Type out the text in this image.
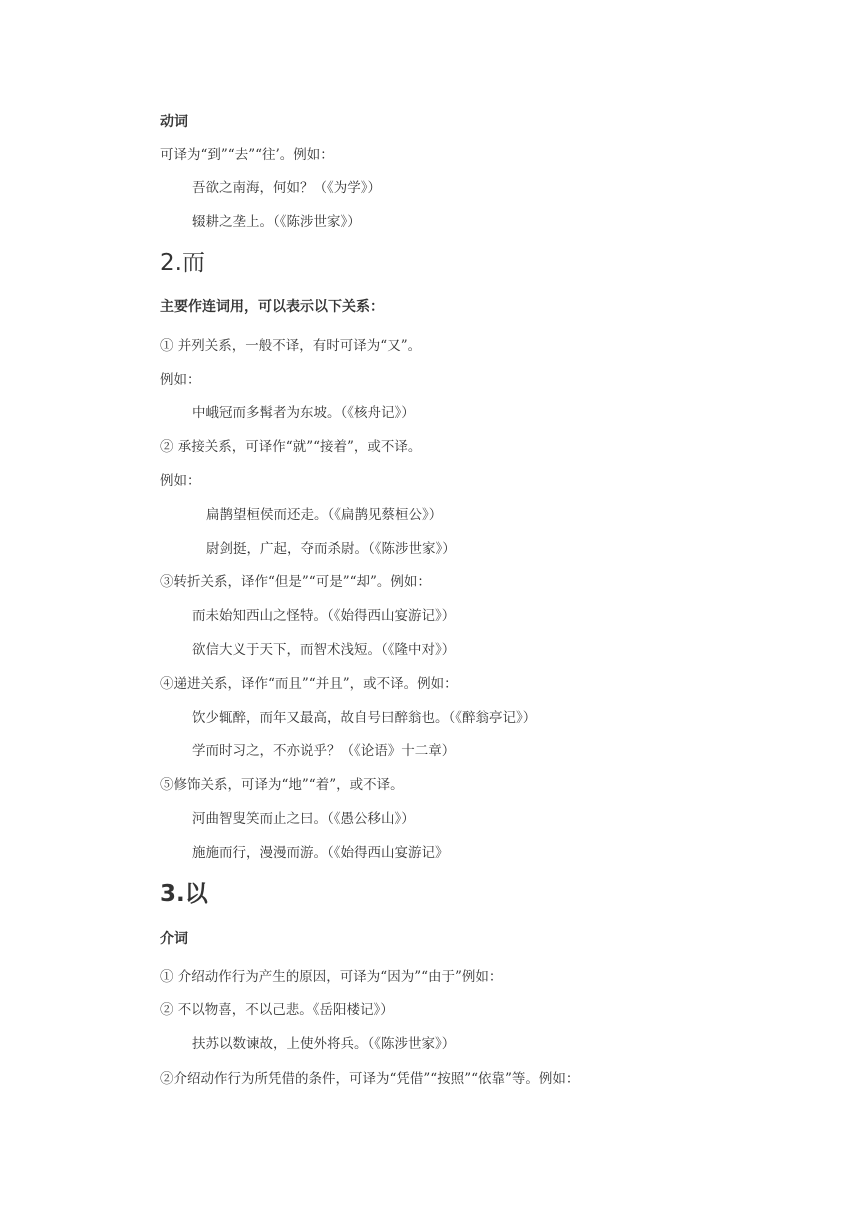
动词
可译为“到”“去”“往’。例如：
吾欲之南海，何如？（《为学》）
辍耕之垄上。（《陈涉世家》）
2.而
主要作连词用，可以表示以下关系：
① 并列关系，一般不译，有时可译为“又”。
例如：
中峨冠而多髯者为东坡。（《核舟记》）
② 承接关系，可译作“就”“接着”，或不译。
例如：
扁鹊望桓侯而还走。（《扁鹊见蔡桓公》）
尉剑挺，广起，夺而杀尉。（《陈涉世家》）
③转折关系，译作“但是”“可是”“却”。例如：
而未始知西山之怪特。（《始得西山宴游记》）
欲信大义于天下，而智术浅短。（《隆中对》）
④递进关系，译作“而且”“并且”，或不译。例如：
饮少辄醉，而年又最高，故自号曰醉翁也。（《醉翁亭记》）
学而时习之，不亦说乎？（《论语》十二章）
⑤修饰关系，可译为“地”“着”，或不译。
河曲智叟笑而止之曰。（《愚公移山》）
施施而行，漫漫而游。（《始得西山宴游记》
3.以
介词
① 介绍动作行为产生的原因，可译为“因为”“由于”例如：
② 不以物喜，不以己悲。《岳阳楼记》）
扶苏以数谏故，上使外将兵。（《陈涉世家》）
②介绍动作行为所凭借的条件，可译为“凭借”“按照”“依靠”等。例如：
